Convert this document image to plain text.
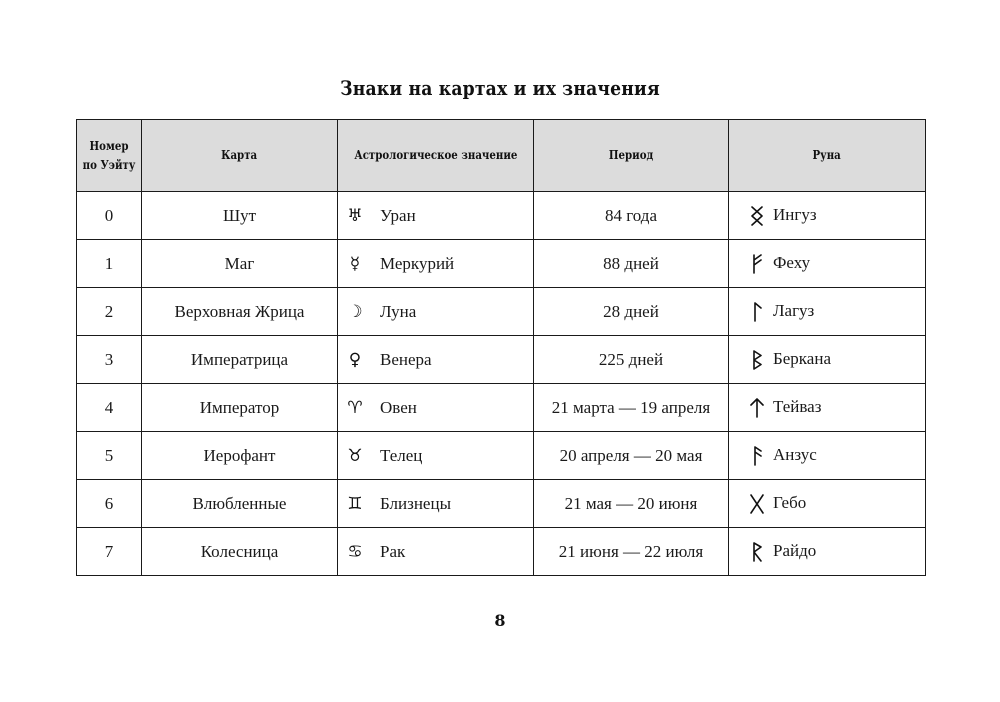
Знаки на картах и их значения
Номер
по Уэйту	Карта	Астрологическое значение	Период	Руна
0	Шут	♅ Уран	84 года	Ингуз
1	Маг	☿ Меркурий	88 дней	Феху
2	Верховная Жрица	☽ Луна	28 дней	Лагуз
3	Императрица	♀ Венера	225 дней	Беркана
4	Император	♈ Овен	21 марта — 19 апреля	Тейваз
5	Иерофант	♉ Телец	20 апреля — 20 мая	Анзус
6	Влюбленные	♊ Близнецы	21 мая — 20 июня	Гебо
7	Колесница	♋ Рак	21 июня — 22 июля	Райдо
8
